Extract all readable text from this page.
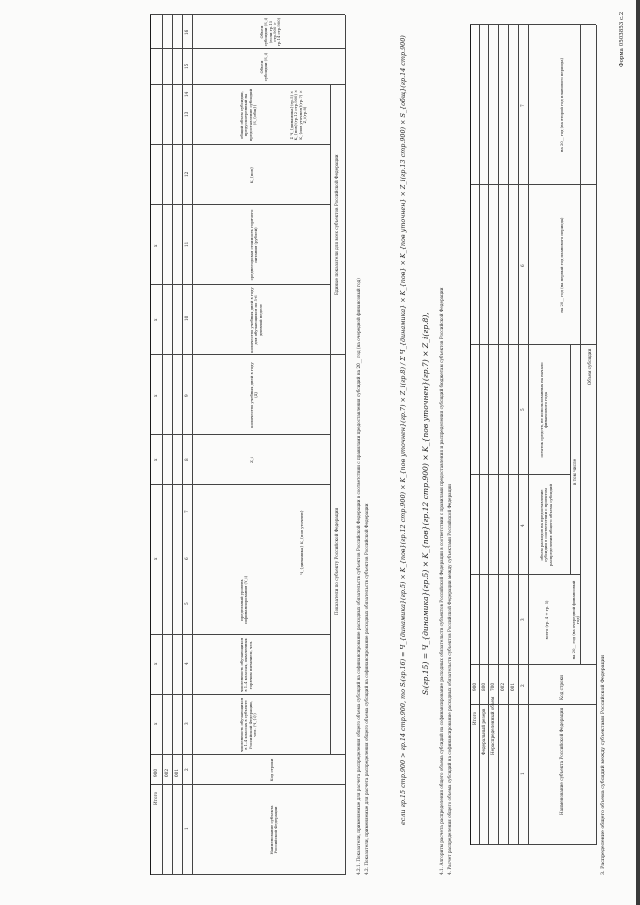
Форма 0503853 с.2
3. Распределение общего объема субсидий между субъектами Российской Федерации
Наименование субъекта Российской Федерации
Код строки
Объем субсидии
на 20__ год (на очередной финансовый год)
всего (гр. 4 + гр. 5)
в том числе
объем расходов на предоставление субсидии в соответствии с проектом распределения общего объема субсидий
остаток средств, не использованных на начало финансового года
на 20__ год (на первый год планового периода)
на 20__ год (на второй год планового периода)
1
2
3
4
5
6
7
001
002
700
800
900
Нераспределенный объем
Федеральный резерв
Итого
4. Расчет распределения общего объема субсидий на софинансирование расходных обязательств субъектов Российской Федерации между субъектами Российской Федерации
4.1. Алгоритм расчета распределения общего объема субсидий на софинансирование расходных обязательств субъектов Российской Федерации в соответствии с правилами предоставления и распределения субсидий бюджетам субъектов Российской Федерации
Sᵢ(гр.15) = Ч_{динамика}(гр.5) × K_{пов}(гр.12 стр.900) × K_{пов уточнен}(гр.7) × Z_i(гр.8),
если гр.15 стр.900 > гр.14 стр.900, то Sᵢ(гр.16) = Ч_{динамика}(гр.5) × K_{пов}(гр.12 стр.900) × K_{пов уточнен}(гр.7) × Z_i(гр.8) / Σ Ч_{динамика} × K_{пов} × K_{пов уточнен} × Z_i(гр.13 стр.900) × S_{общ}(гр.14 стр.900)
4.2. Показатели, применяемые для расчета распределения общего объема субсидий на софинансирование расходных обязательств субъектов Российской Федерации
4.2.1. Показатели, применяемые для расчета распределения общего объема субсидий на софинансирование расходных обязательств субъектов Российской Федерации в соответствии с правилами предоставления субсидий на 20__ год (на очередной финансовый год)
Наименование субъекта Российской Федерации
Код строки
Показатели по субъекту Российской Федерации
Единые показатели для всех субъектов Российской Федерации
численность обучающихся в 1–4 классах в субъекте Российской Федерации, чел. (Ч_{i})
численность обучающихся в 1–4 классах, охваченных горячим питанием, чел.
Ч_{динамика}
предельный уровень софинансирования (Y_i)
K_{пов уточнен}
Z_i
количество учебных дней в году (Д)
количество учебных дней в году для обучающихся по 5-6 дневной неделе
среднегодовая стоимость горячего питания (рублей)
K_{пов}
Σ Ч_{динамика}(гр.5) × K_{пов}(гр.12 стр.900) × K_{пов уточнен}(гр.7) × Z_i(гр.8)
общий объем субсидии, предусмотренный на предоставление субсидий (S_{общ})
Объем субсидии (S_i)
Объем субсидии (S_i) (если гр.15 стр.900 > гр.14 стр.900)
1
2
3
4
5
6
7
8
9
10
11
12
13
14
15
16
001
002
900
Итого
x
x
x
x
x
x
x
